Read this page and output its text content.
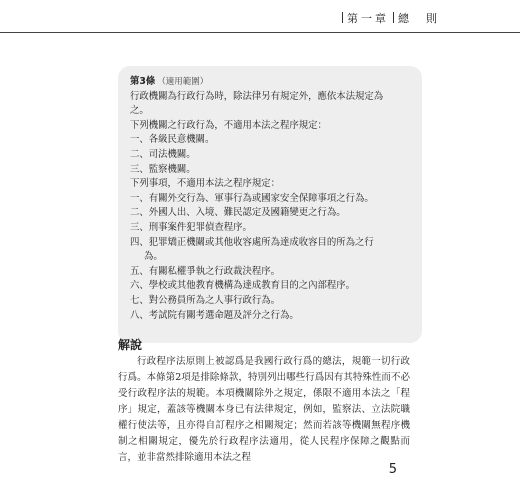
第一章 總　則
第3條 （適用範圍）
行政機關為行政行為時，除法律另有規定外，應依本法規定為
之。
下列機關之行政行為，不適用本法之程序規定：
一、各級民意機關。
二、司法機關。
三、監察機關。
下列事項，不適用本法之程序規定：
一、有關外交行為、軍事行為或國家安全保障事項之行為。
二、外國人出、入境、難民認定及國籍變更之行為。
三、刑事案件犯罪偵查程序。
四、犯罪矯正機關或其他收容處所為達成收容目的所為之行
為。
五、有關私權爭執之行政裁決程序。
六、學校或其他教育機構為達成教育目的之內部程序。
七、對公務員所為之人事行政行為。
八、考試院有關考選命題及評分之行為。
解說
行政程序法原則上被認爲是我國行政行爲的總法，規範一切行政行爲。本條第2項是排除條款，特別列出哪些行爲因有其特殊性而不必受行政程序法的規範。本項機關除外之規定，係限不適用本法之「程序」規定，蓋該等機關本身已有法律規定，例如，監察法、立法院職權行使法等，且亦得自訂程序之相關規定；然而若該等機關無程序機制之相關規定，優先於行政程序法適用，從人民程序保障之觀點而言，並非當然排除適用本法之程
5
